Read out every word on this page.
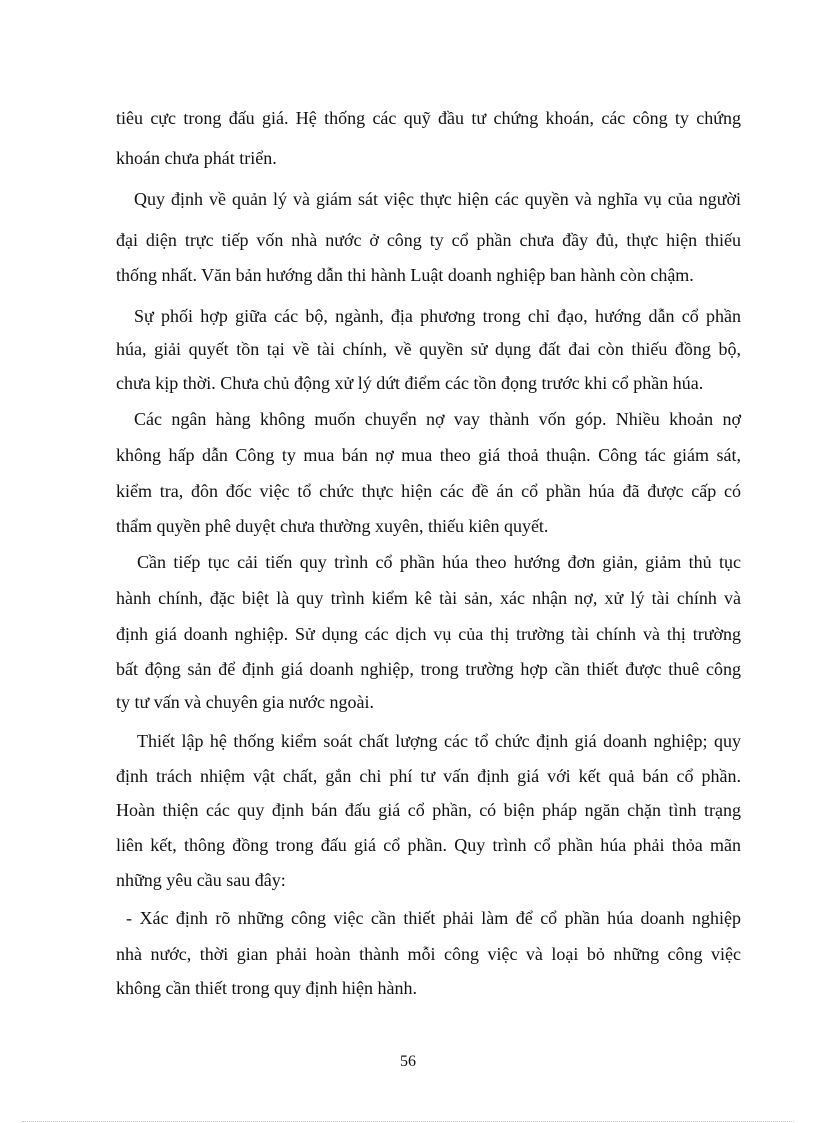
tiêu cực trong đấu giá. Hệ thống các quỹ đầu tư chứng khoán, các công ty chứng
khoán chưa phát triển.
Quy định về quản lý và giám sát việc thực hiện các quyền và nghĩa vụ của người
đại diện trực tiếp vốn nhà nước ở công ty cổ phần chưa đầy đủ, thực hiện thiếu
thống nhất. Văn bản hướng dẫn thi hành Luật doanh nghiệp ban hành còn chậm.
Sự phối hợp giữa các bộ, ngành, địa phương trong chỉ đạo, hướng dẫn cổ phần
húa, giải quyết tồn tại về tài chính, về quyền sử dụng đất đai còn thiếu đồng bộ,
chưa kịp thời. Chưa chủ động xử lý dứt điểm các tồn đọng trước khi cổ phần húa.
Các ngân hàng không muốn chuyển nợ vay thành vốn góp. Nhiều khoản nợ
không hấp dẫn Công ty mua bán nợ mua theo giá thoả thuận. Công tác giám sát,
kiểm tra, đôn đốc việc tổ chức thực hiện các đề án cổ phần húa đã được cấp có
thẩm quyền phê duyệt chưa thường xuyên, thiếu kiên quyết.
Cần tiếp tục cải tiến quy trình cổ phần húa theo hướng đơn giản, giảm thủ tục
hành chính, đặc biệt là quy trình kiểm kê tài sản, xác nhận nợ, xử lý tài chính và
định giá doanh nghiệp. Sử dụng các dịch vụ của thị trường tài chính và thị trường
bất động sản để định giá doanh nghiệp, trong trường hợp cần thiết được thuê công
ty tư vấn và chuyên gia nước ngoài.
Thiết lập hệ thống kiểm soát chất lượng các tổ chức định giá doanh nghiệp; quy
định trách nhiệm vật chất, gắn chi phí tư vấn định giá với kết quả bán cổ phần.
Hoàn thiện các quy định bán đấu giá cổ phần, có biện pháp ngăn chặn tình trạng
liên kết, thông đồng trong đấu giá cổ phần. Quy trình cổ phần húa phải thỏa mãn
những yêu cầu sau đây:
- Xác định rõ những công việc cần thiết phải làm để cổ phần húa doanh nghiệp
nhà nước, thời gian phải hoàn thành mỗi công việc và loại bỏ những công việc
không cần thiết trong quy định hiện hành.
56
